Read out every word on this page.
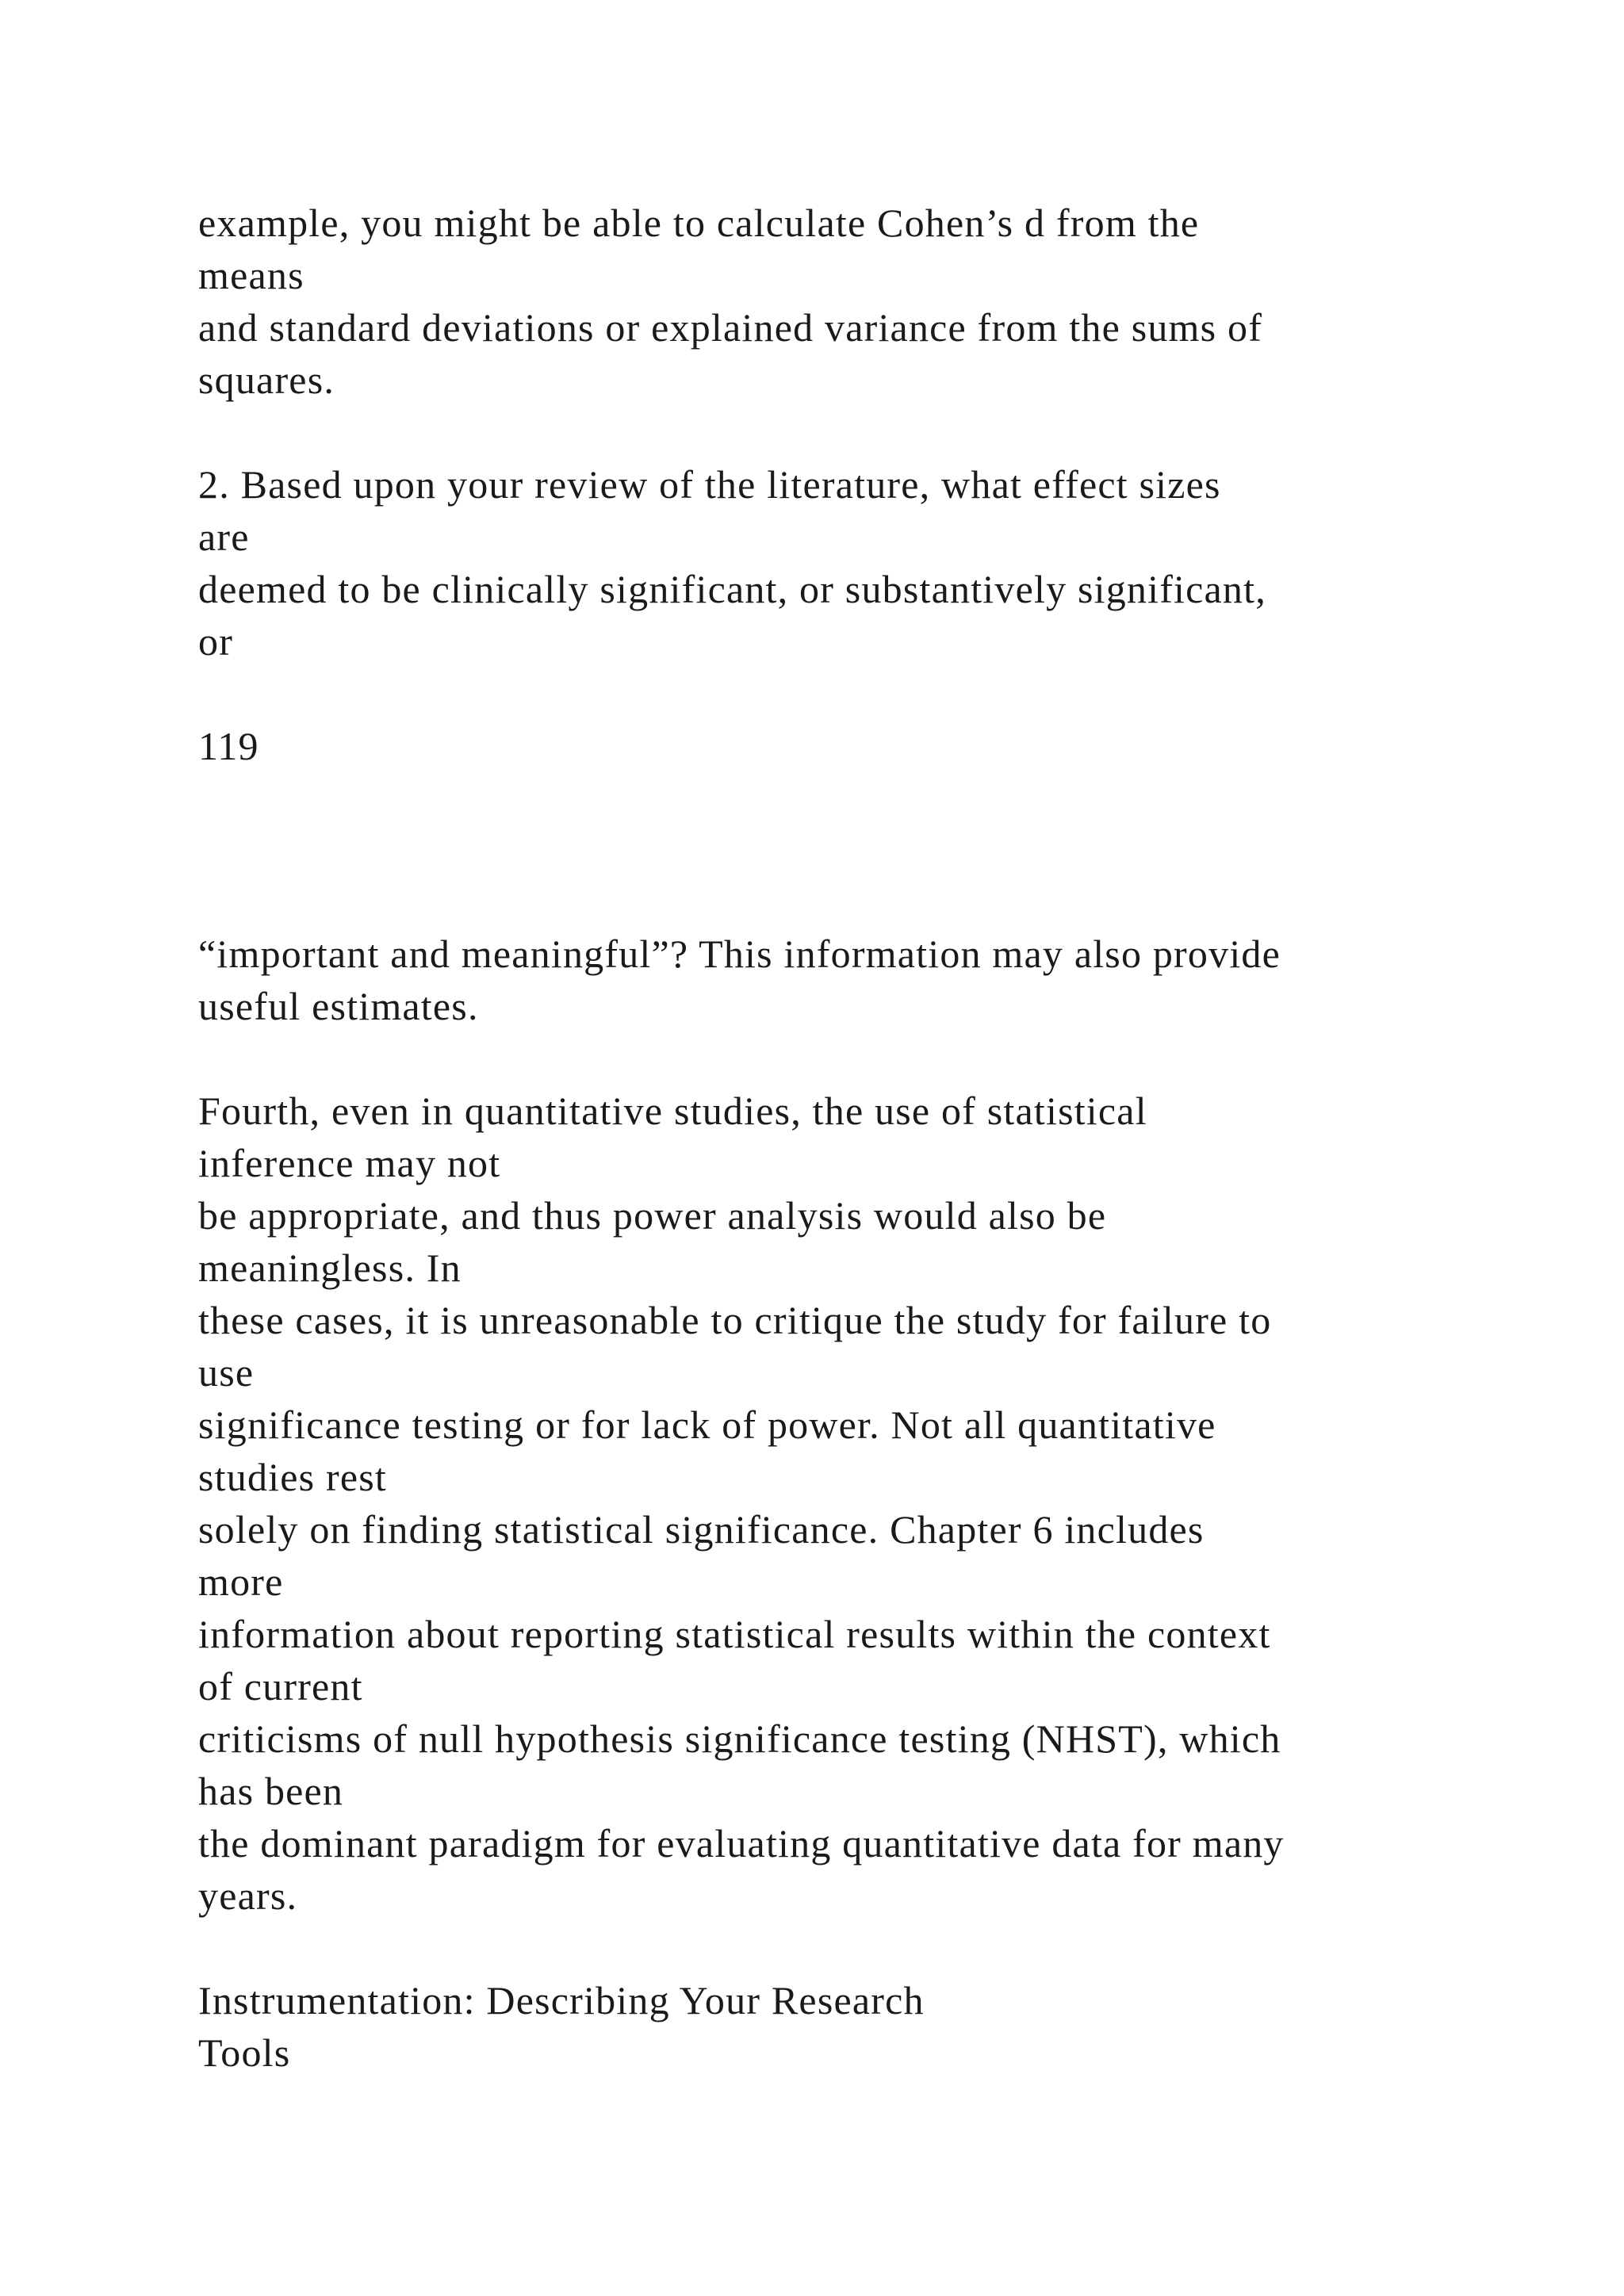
example, you might be able to calculate Cohen’s d from the

means

and standard deviations or explained variance from the sums of

squares.

2. Based upon your review of the literature, what effect sizes

are

deemed to be clinically significant, or substantively significant,

or

119

“important and meaningful”? This information may also provide

useful estimates.

Fourth, even in quantitative studies, the use of statistical

inference may not

be appropriate, and thus power analysis would also be

meaningless. In

these cases, it is unreasonable to critique the study for failure to

use

significance testing or for lack of power. Not all quantitative

studies rest

solely on finding statistical significance. Chapter 6 includes

more

information about reporting statistical results within the context

of current

criticisms of null hypothesis significance testing (NHST), which

has been

the dominant paradigm for evaluating quantitative data for many

years.

Instrumentation: Describing Your Research

Tools
